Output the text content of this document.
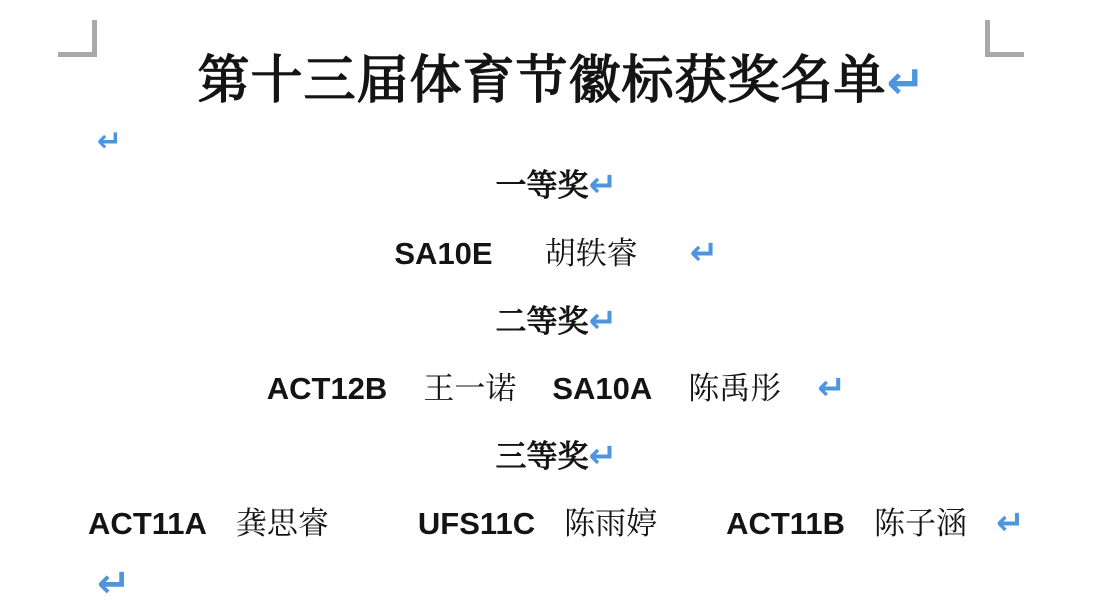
第十三届体育节徽标获奖名单 ↵
↵
一等奖 ↵
SA10E 胡轶睿 ↵
二等奖 ↵
ACT12B 王一诺 SA10A 陈禹彤 ↵
三等奖 ↵
ACT11A 龚思睿	UFS11C 陈雨婷 ACT11B 陈子涵 ↵
↵
